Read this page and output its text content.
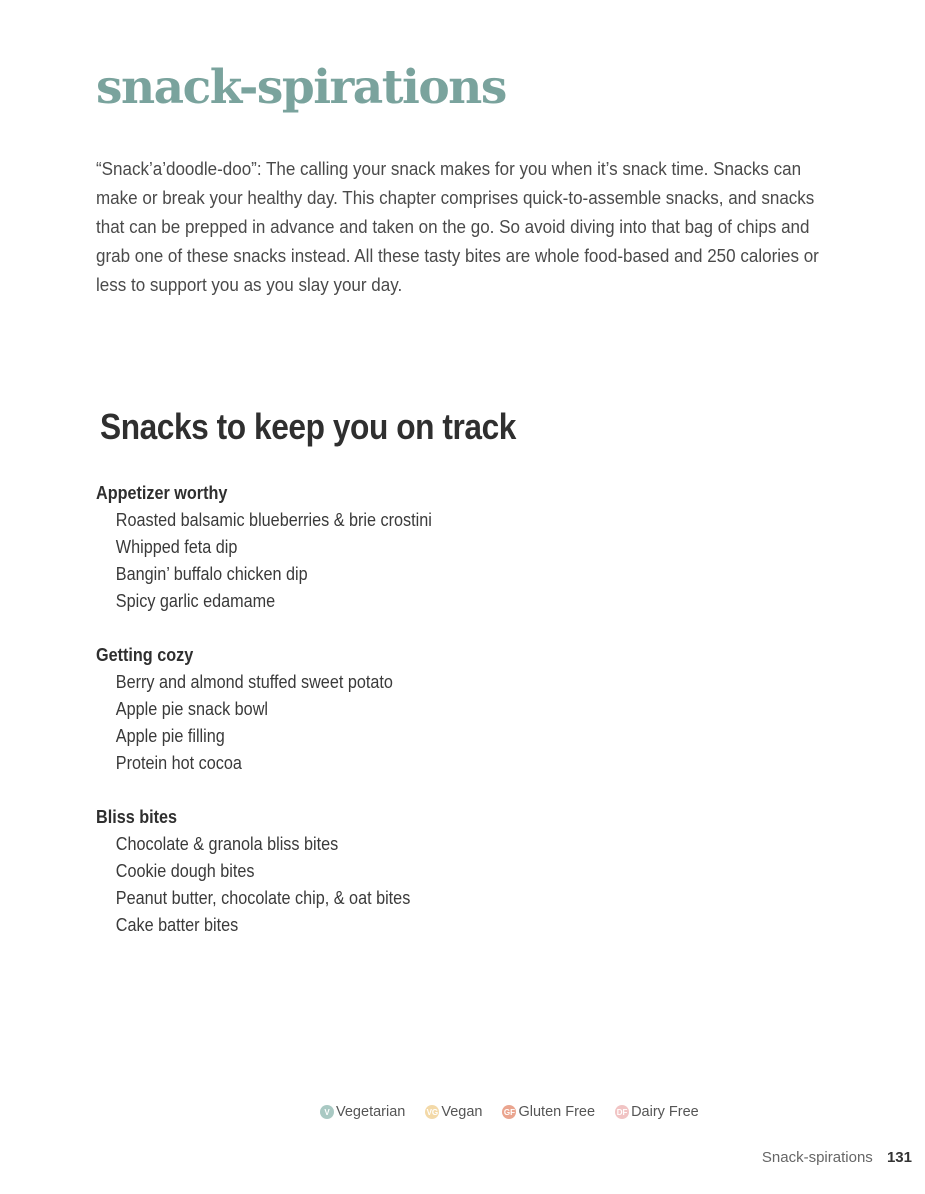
snack-spirations

“Snack’a’doodle-doo”: The calling your snack makes for you when it’s snack time. Snacks can make or break your healthy day. This chapter comprises quick-to-assemble snacks, and snacks that can be prepped in advance and taken on the go. So avoid diving into that bag of chips and grab one of these snacks instead. All these tasty bites are whole food-based and 250 calories or less to support you as you slay your day.

Snacks to keep you on track
Appetizer worthy
Roasted balsamic blueberries & brie crostini
Whipped feta dip
Bangin’ buffalo chicken dip
Spicy garlic edamame
Getting cozy
Berry and almond stuffed sweet potato
Apple pie snack bowl
Apple pie filling
Protein hot cocoa
Bliss bites
Chocolate & granola bliss bites
Cookie dough bites
Peanut butter, chocolate chip, & oat bites
Cake batter bites
V Vegetarian	VG Vegan	GF Gluten Free	DF Dairy Free
Snack-spirations 131
